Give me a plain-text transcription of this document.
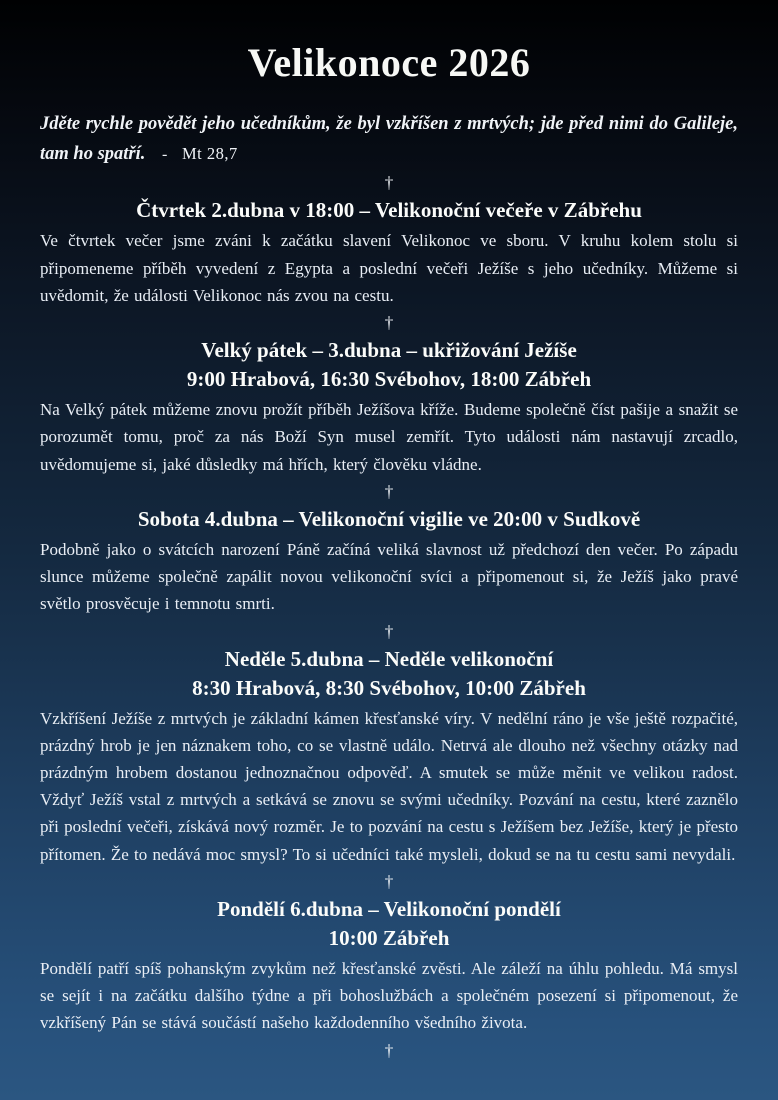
Velikonoce 2026

Jděte rychle povědět jeho učedníkům, že byl vzkříšen z mrtvých; jde před nimi do Galileje, tam ho spatří. - Mt 28,7

†
Čtvrtek 2.dubna v 18:00 – Velikonoční večeře v Zábřehu

Ve čtvrtek večer jsme zváni k začátku slavení Velikonoc ve sboru. V kruhu kolem stolu si připomeneme příběh vyvedení z Egypta a poslední večeři Ježíše s jeho učedníky. Můžeme si uvědomit, že události Velikonoc nás zvou na cestu.

†
Velký pátek – 3.dubna – ukřižování Ježíše
9:00 Hrabová, 16:30 Svébohov, 18:00 Zábřeh

Na Velký pátek můžeme znovu prožít příběh Ježíšova kříže. Budeme společně číst pašije a snažit se porozumět tomu, proč za nás Boží Syn musel zemřít. Tyto události nám nastavují zrcadlo, uvědomujeme si, jaké důsledky má hřích, který člověku vládne.

†
Sobota 4.dubna – Velikonoční vigilie ve 20:00 v Sudkově

Podobně jako o svátcích narození Páně začíná veliká slavnost už předchozí den večer. Po západu slunce můžeme společně zapálit novou velikonoční svíci a připomenout si, že Ježíš jako pravé světlo prosvěcuje i temnotu smrti.

†
Neděle 5.dubna – Neděle velikonoční
8:30 Hrabová, 8:30 Svébohov, 10:00 Zábřeh

Vzkříšení Ježíše z mrtvých je základní kámen křesťanské víry. V nedělní ráno je vše ještě rozpačité, prázdný hrob je jen náznakem toho, co se vlastně událo. Netrvá ale dlouho než všechny otázky nad prázdným hrobem dostanou jednoznačnou odpověď. A smutek se může měnit ve velikou radost. Vždyť Ježíš vstal z mrtvých a setkává se znovu se svými učedníky. Pozvání na cestu, které zaznělo při poslední večeři, získává nový rozměr. Je to pozvání na cestu s Ježíšem bez Ježíše, který je přesto přítomen. Že to nedává moc smysl? To si učedníci také mysleli, dokud se na tu cestu sami nevydali.

†
Pondělí 6.dubna – Velikonoční pondělí
10:00 Zábřeh

Pondělí patří spíš pohanským zvykům než křesťanské zvěsti. Ale záleží na úhlu pohledu. Má smysl se sejít i na začátku dalšího týdne a při bohoslužbách a společném posezení si připomenout, že vzkříšený Pán se stává součástí našeho každodenního všedního života.

†
